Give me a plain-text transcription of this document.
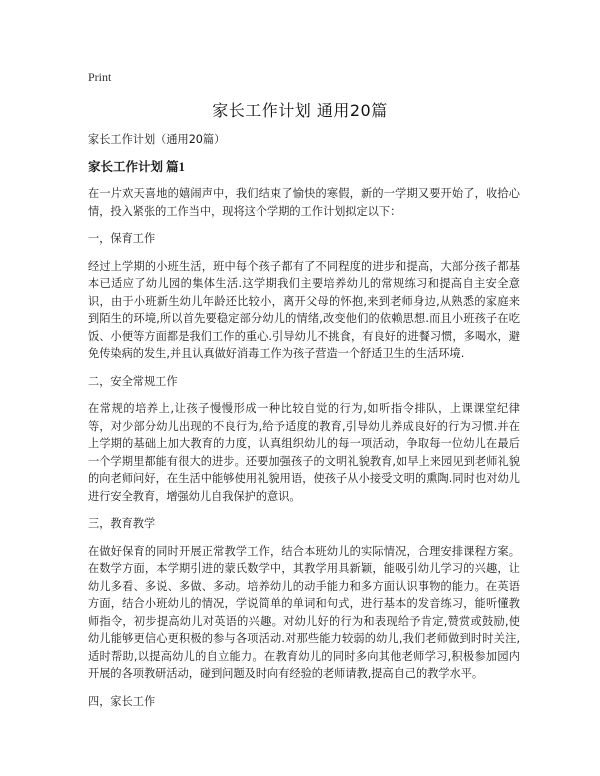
Print
家长工作计划 通用20篇
家长工作计划（通用20篇）
家长工作计划 篇1
在一片欢天喜地的嬉闹声中，我们结束了愉快的寒假，新的一学期又要开始了，收拾心情，投入紧张的工作当中，现将这个学期的工作计划拟定以下：
一，保育工作
经过上学期的小班生活，班中每个孩子都有了不同程度的进步和提高，大部分孩子都基本已适应了幼儿园的集体生活.这学期我们主要培养幼儿的常规练习和提高自主安全意识，由于小班新生幼儿年龄还比较小，离开父母的怀抱,来到老师身边,从熟悉的家庭来到陌生的环境,所以首先要稳定部分幼儿的情绪,改变他们的依赖思想.而且小班孩子在吃饭、小便等方面都是我们工作的重心.引导幼儿不挑食，有良好的进餐习惯，多喝水，避免传染病的发生,并且认真做好消毒工作为孩子营造一个舒适卫生的生活环境.
二，安全常规工作
在常规的培养上,让孩子慢慢形成一种比较自觉的行为,如听指令排队，上课课堂纪律等，对少部分幼儿出现的不良行为,给予适度的教育,引导幼儿养成良好的行为习惯.并在上学期的基础上加大教育的力度，认真组织幼儿的每一项活动，争取每一位幼儿在最后一个学期里都能有很大的进步。还要加强孩子的文明礼貌教育,如早上来园见到老师礼貌的向老师问好，在生活中能够使用礼貌用语，使孩子从小接受文明的熏陶.同时也对幼儿进行安全教育，增强幼儿自我保护的意识。
三，教育教学
在做好保育的同时开展正常教学工作，结合本班幼儿的实际情况，合理安排课程方案。在数学方面，本学期引进的蒙氏数学中，其教学用具新颖，能吸引幼儿学习的兴趣，让幼儿多看、多说、多做、多动。培养幼儿的动手能力和多方面认识事物的能力。在英语方面，结合小班幼儿的情况，学说简单的单词和句式，进行基本的发音练习，能听懂教师指令，初步提高幼儿对英语的兴趣。对幼儿好的行为和表现给予肯定,赞赏或鼓励,使幼儿能够更信心更积极的参与各项活动.对那些能力较弱的幼儿,我们老师做到时时关注,适时帮助,以提高幼儿的自立能力。在教育幼儿的同时多向其他老师学习,积极参加园内开展的各项教研活动，碰到问题及时向有经验的老师请教,提高自己的教学水平。
四，家长工作
